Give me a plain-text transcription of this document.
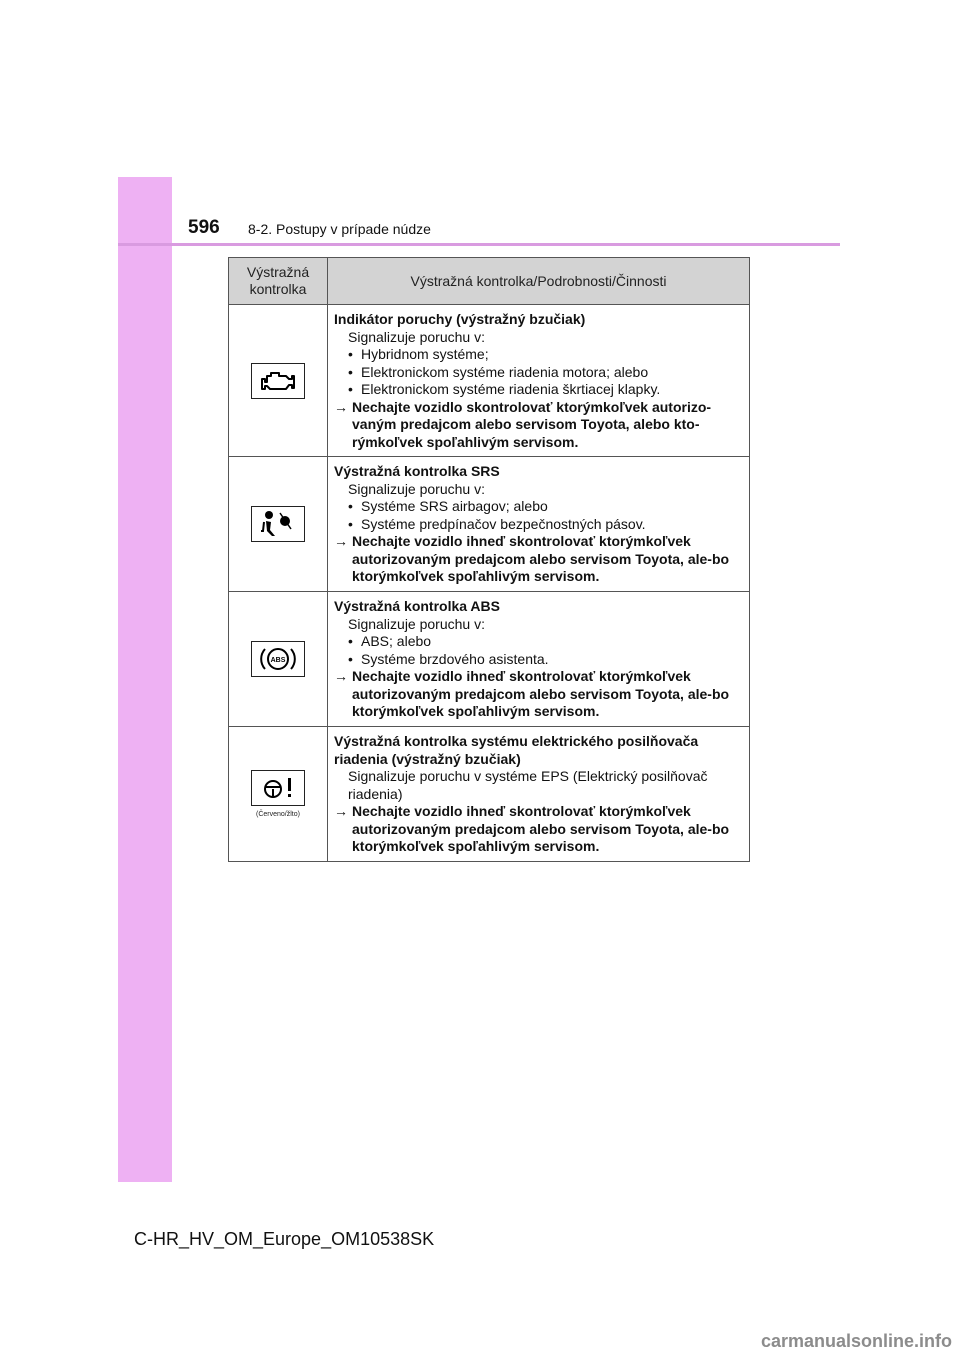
596 8-2. Postupy v prípade núdze
Výstražná kontrolka
Výstražná kontrolka/Podrobnosti/Činnosti
Indikátor poruchy (výstražný bzučiak)
Signalizuje poruchu v:
• Hybridnom systéme;
• Elektronickom systéme riadenia motora; alebo
• Elektronickom systéme riadenia škrtiacej klapky.
→ Nechajte vozidlo skontrolovať ktorýmkoľvek autorizo-vaným predajcom alebo servisom Toyota, alebo kto-rýmkoľvek spoľahlivým servisom.
Výstražná kontrolka SRS
Signalizuje poruchu v:
• Systéme SRS airbagov; alebo
• Systéme predpínačov bezpečnostných pásov.
→ Nechajte vozidlo ihneď skontrolovať ktorýmkoľvek autorizovaným predajcom alebo servisom Toyota, ale-bo ktorýmkoľvek spoľahlivým servisom.
ABS
Výstražná kontrolka ABS
Signalizuje poruchu v:
• ABS; alebo
• Systéme brzdového asistenta.
→ Nechajte vozidlo ihneď skontrolovať ktorýmkoľvek autorizovaným predajcom alebo servisom Toyota, ale-bo ktorýmkoľvek spoľahlivým servisom.
(Červeno/žlto)
Výstražná kontrolka systému elektrického posilňovača riadenia (výstražný bzučiak)
Signalizuje poruchu v systéme EPS (Elektrický posilňovač riadenia)
→ Nechajte vozidlo ihneď skontrolovať ktorýmkoľvek autorizovaným predajcom alebo servisom Toyota, ale-bo ktorýmkoľvek spoľahlivým servisom.
C-HR_HV_OM_Europe_OM10538SK
carmanualsonline.info
